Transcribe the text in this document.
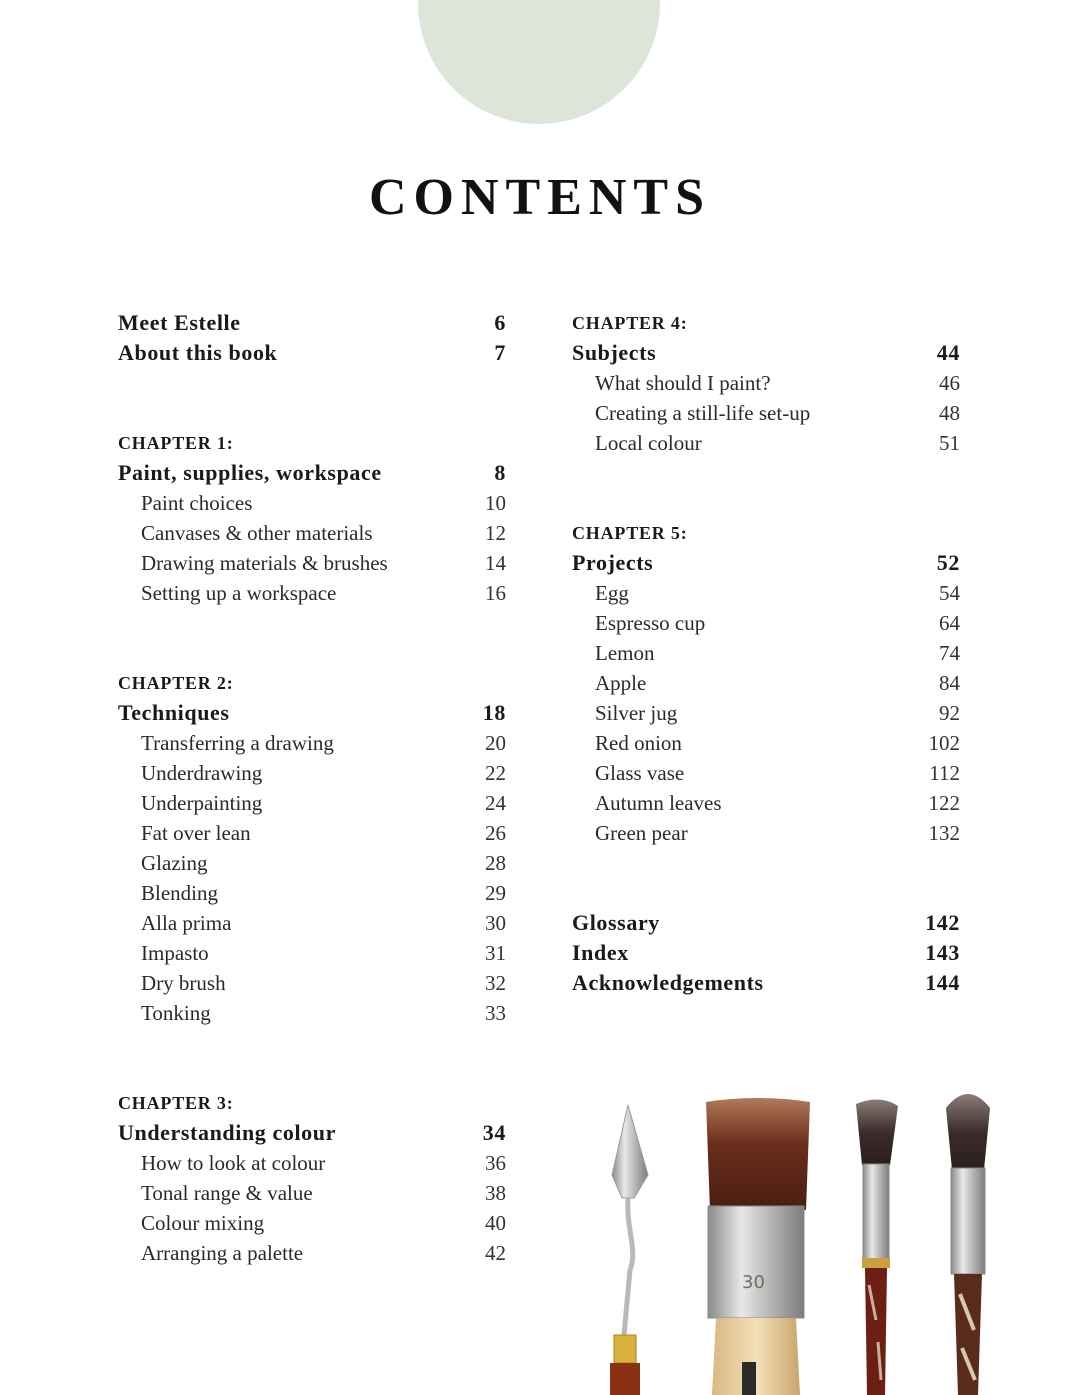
CONTENTS
Meet Estelle	6
About this book	7
CHAPTER 1:
Paint, supplies, workspace	8
Paint choices	10
Canvases & other materials	12
Drawing materials & brushes	14
Setting up a workspace	16
CHAPTER 2:
Techniques	18
Transferring a drawing	20
Underdrawing	22
Underpainting	24
Fat over lean	26
Glazing	28
Blending	29
Alla prima	30
Impasto	31
Dry brush	32
Tonking	33
CHAPTER 3:
Understanding colour	34
How to look at colour	36
Tonal range & value	38
Colour mixing	40
Arranging a palette	42
CHAPTER 4:
Subjects	44
What should I paint?	46
Creating a still-life set-up	48
Local colour	51
CHAPTER 5:
Projects	52
Egg	54
Espresso cup	64
Lemon	74
Apple	84
Silver jug	92
Red onion	102
Glass vase	112
Autumn leaves	122
Green pear	132
Glossary	142
Index	143
Acknowledgements	144
30
